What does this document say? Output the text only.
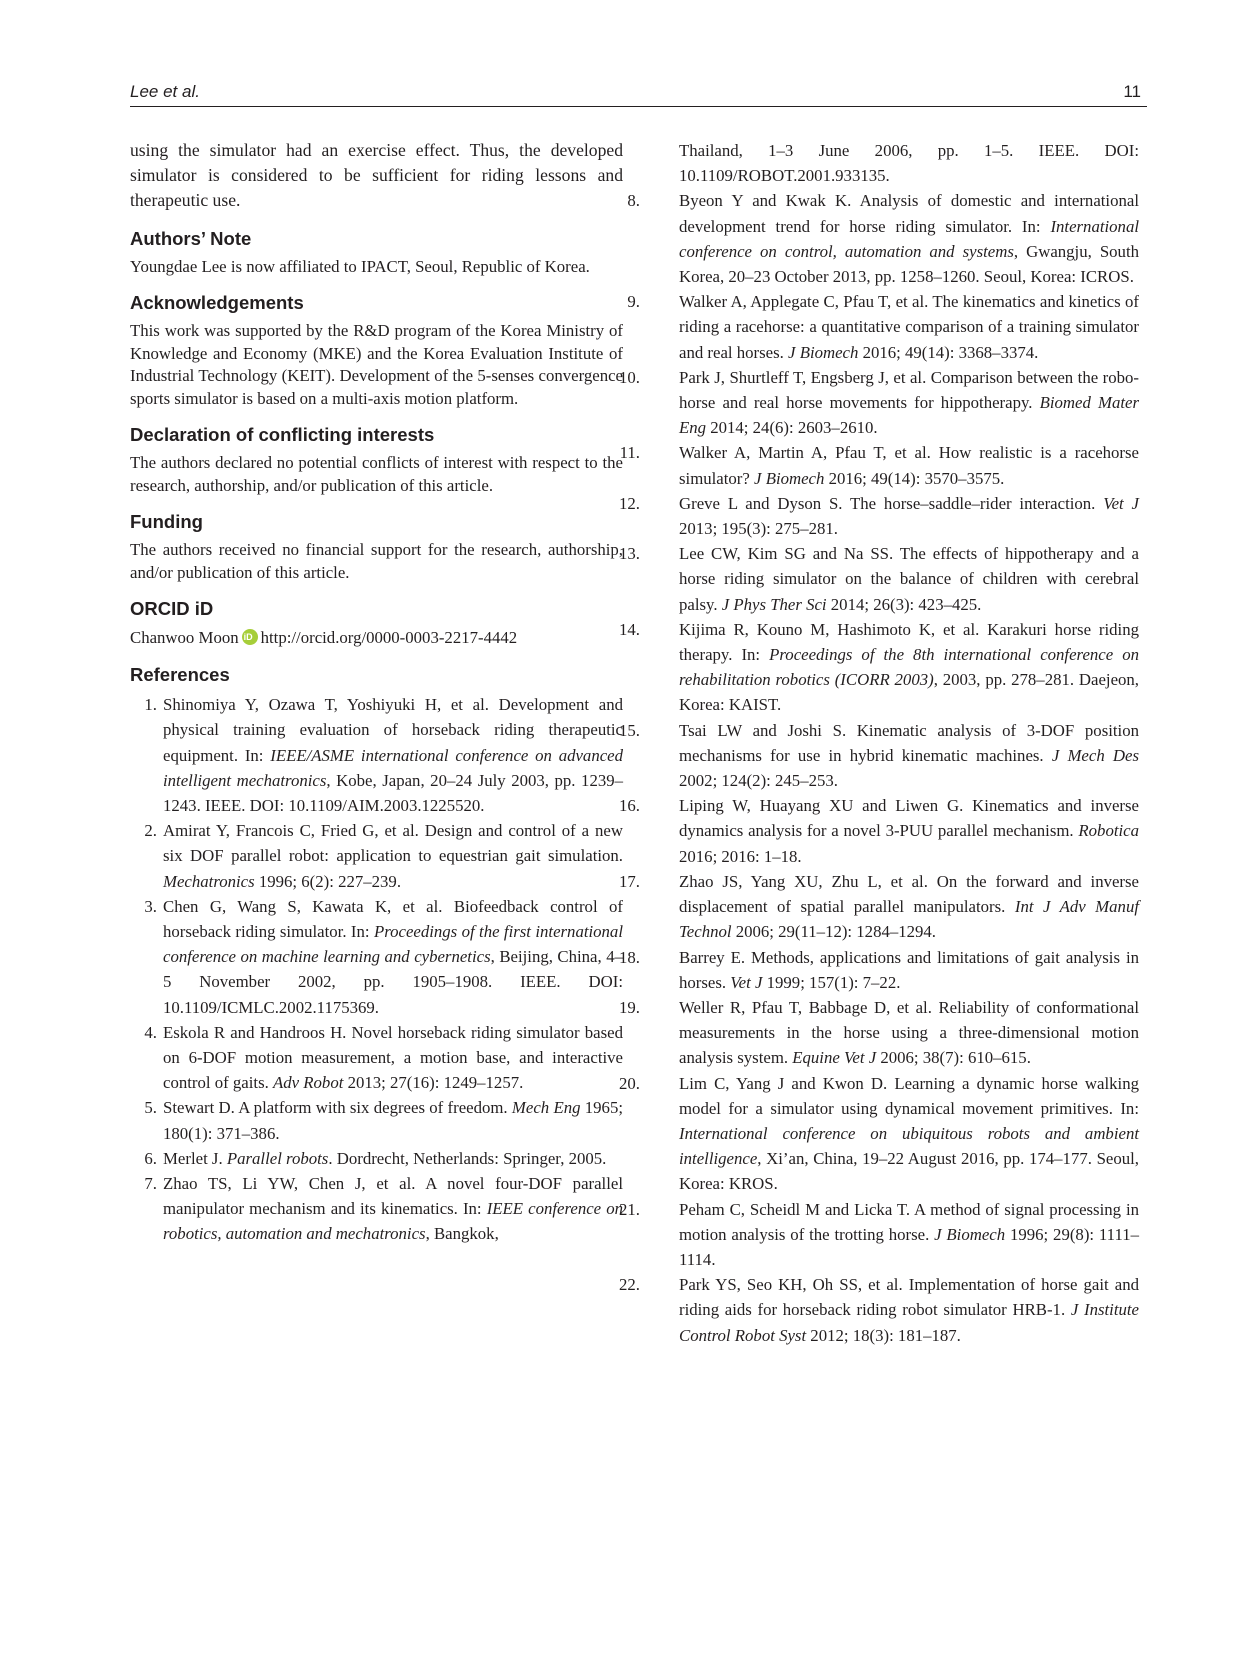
Lee et al.	11

using the simulator had an exercise effect. Thus, the developed simulator is considered to be sufficient for riding lessons and therapeutic use.

Authors’ Note

Youngdae Lee is now affiliated to IPACT, Seoul, Republic of Korea.

Acknowledgements

This work was supported by the R&D program of the Korea Ministry of Knowledge and Economy (MKE) and the Korea Evaluation Institute of Industrial Technology (KEIT). Development of the 5-senses convergence sports simulator is based on a multi-axis motion platform.

Declaration of conflicting interests

The authors declared no potential conflicts of interest with respect to the research, authorship, and/or publication of this article.

Funding

The authors received no financial support for the research, authorship, and/or publication of this article.

ORCID iD

Chanwoo MooniD http://orcid.org/0000-0003-2217-4442

References
1. Shinomiya Y, Ozawa T, Yoshiyuki H, et al. Development and physical training evaluation of horseback riding therapeutic equipment. In: IEEE/ASME international conference on advanced intelligent mechatronics, Kobe, Japan, 20–24 July 2003, pp. 1239–1243. IEEE. DOI: 10.1109/AIM.2003.1225520.
2. Amirat Y, Francois C, Fried G, et al. Design and control of a new six DOF parallel robot: application to equestrian gait simulation. Mechatronics 1996; 6(2): 227–239.
3. Chen G, Wang S, Kawata K, et al. Biofeedback control of horseback riding simulator. In: Proceedings of the first international conference on machine learning and cybernetics, Beijing, China, 4–5 November 2002, pp. 1905–1908. IEEE. DOI: 10.1109/ICMLC.2002.1175369.
4. Eskola R and Handroos H. Novel horseback riding simulator based on 6-DOF motion measurement, a motion base, and interactive control of gaits. Adv Robot 2013; 27(16): 1249–1257.
5. Stewart D. A platform with six degrees of freedom. Mech Eng 1965; 180(1): 371–386.
6. Merlet J. Parallel robots. Dordrecht, Netherlands: Springer, 2005.
7. Zhao TS, Li YW, Chen J, et al. A novel four-DOF parallel manipulator mechanism and its kinematics. In: IEEE conference on robotics, automation and mechatronics, Bangkok,
Thailand, 1–3 June 2006, pp. 1–5. IEEE. DOI: 10.1109/ROBOT.2001.933135.
8. Byeon Y and Kwak K. Analysis of domestic and international development trend for horse riding simulator. In: International conference on control, automation and systems, Gwangju, South Korea, 20–23 October 2013, pp. 1258–1260. Seoul, Korea: ICROS.
9. Walker A, Applegate C, Pfau T, et al. The kinematics and kinetics of riding a racehorse: a quantitative comparison of a training simulator and real horses. J Biomech 2016; 49(14): 3368–3374.
10. Park J, Shurtleff T, Engsberg J, et al. Comparison between the robo-horse and real horse movements for hippotherapy. Biomed Mater Eng 2014; 24(6): 2603–2610.
11. Walker A, Martin A, Pfau T, et al. How realistic is a racehorse simulator? J Biomech 2016; 49(14): 3570–3575.
12. Greve L and Dyson S. The horse–saddle–rider interaction. Vet J 2013; 195(3): 275–281.
13. Lee CW, Kim SG and Na SS. The effects of hippotherapy and a horse riding simulator on the balance of children with cerebral palsy. J Phys Ther Sci 2014; 26(3): 423–425.
14. Kijima R, Kouno M, Hashimoto K, et al. Karakuri horse riding therapy. In: Proceedings of the 8th international conference on rehabilitation robotics (ICORR 2003), 2003, pp. 278–281. Daejeon, Korea: KAIST.
15. Tsai LW and Joshi S. Kinematic analysis of 3-DOF position mechanisms for use in hybrid kinematic machines. J Mech Des 2002; 124(2): 245–253.
16. Liping W, Huayang XU and Liwen G. Kinematics and inverse dynamics analysis for a novel 3-PUU parallel mechanism. Robotica 2016; 2016: 1–18.
17. Zhao JS, Yang XU, Zhu L, et al. On the forward and inverse displacement of spatial parallel manipulators. Int J Adv Manuf Technol 2006; 29(11–12): 1284–1294.
18. Barrey E. Methods, applications and limitations of gait analysis in horses. Vet J 1999; 157(1): 7–22.
19. Weller R, Pfau T, Babbage D, et al. Reliability of conformational measurements in the horse using a three-dimensional motion analysis system. Equine Vet J 2006; 38(7): 610–615.
20. Lim C, Yang J and Kwon D. Learning a dynamic horse walking model for a simulator using dynamical movement primitives. In: International conference on ubiquitous robots and ambient intelligence, Xi’an, China, 19–22 August 2016, pp. 174–177. Seoul, Korea: KROS.
21. Peham C, Scheidl M and Licka T. A method of signal processing in motion analysis of the trotting horse. J Biomech 1996; 29(8): 1111–1114.
22. Park YS, Seo KH, Oh SS, et al. Implementation of horse gait and riding aids for horseback riding robot simulator HRB-1. J Institute Control Robot Syst 2012; 18(3): 181–187.
